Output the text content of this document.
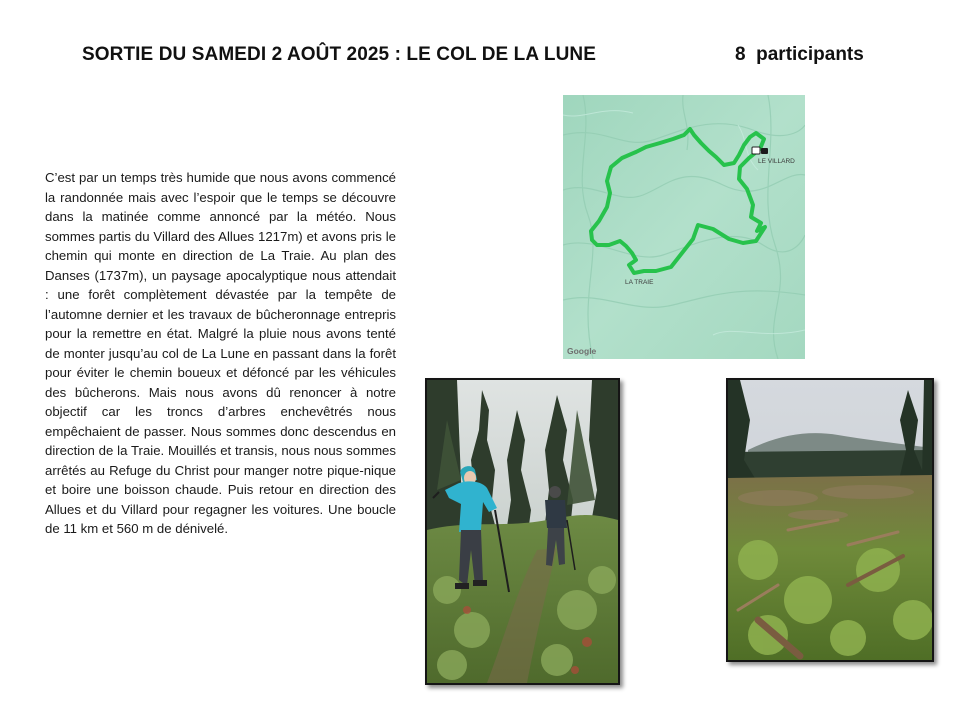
SORTIE DU SAMEDI 2 AOÛT 2025 : LE COL DE LA LUNE	8  participants
C’est par un temps très humide que nous avons commencé la randonnée mais avec l’espoir que le temps se découvre dans la matinée comme annoncé par la météo. Nous sommes partis du Villard des Allues 1217m) et avons pris le chemin qui monte en direction de La Traie. Au plan des Danses (1737m), un paysage apocalyptique nous attendait : une forêt complètement dévastée par la tempête de l’automne dernier et les travaux de bûcheronnage entrepris pour la remettre en état. Malgré la pluie nous avons tenté de monter jusqu’au col de La Lune en passant dans la forêt pour éviter le chemin boueux et défoncé par les véhicules des bûcherons. Mais nous avons dû renoncer à notre objectif car les troncs d’arbres enchevêtrés nous empêchaient de passer. Nous sommes donc descendus en direction de la Traie. Mouillés et transis, nous nous sommes arrêtés au Refuge du Christ pour manger notre pique-nique et boire une boisson chaude. Puis retour en direction des Allues et du Villard pour regagner les voitures. Une boucle de 11 km et 560 m de dénivelé.
LE VILLARD
LA TRAIE
Google
